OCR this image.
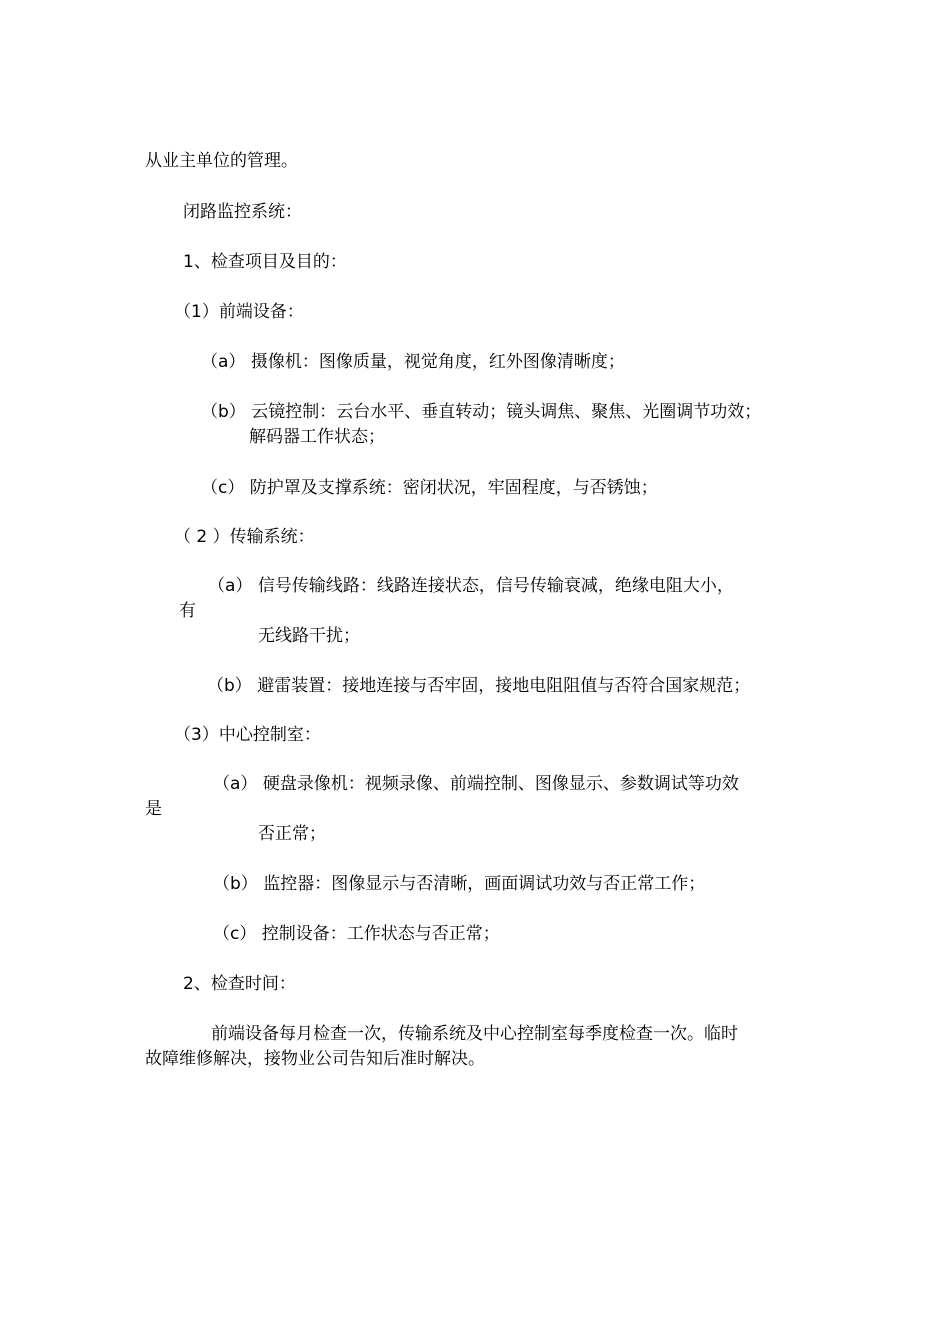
从业主单位的管理。
闭路监控系统：
1、检查项目及目的：
（1）前端设备：
（a） 摄像机：图像质量，视觉角度，红外图像清晰度；
（b） 云镜控制：云台水平、垂直转动；镜头调焦、聚焦、光圈调节功效；
解码器工作状态；
（c） 防护罩及支撑系统：密闭状况，牢固程度，与否锈蚀；
（ 2 ）传输系统：
（a） 信号传输线路：线路连接状态，信号传输衰减，绝缘电阻大小，
有
无线路干扰；
（b） 避雷装置：接地连接与否牢固，接地电阻阻值与否符合国家规范；
（3）中心控制室：
（a） 硬盘录像机：视频录像、前端控制、图像显示、参数调试等功效
是
否正常；
（b） 监控器：图像显示与否清晰，画面调试功效与否正常工作；
（c） 控制设备：工作状态与否正常；
2、检查时间：
前端设备每月检查一次，传输系统及中心控制室每季度检查一次。临时
故障维修解决，接物业公司告知后准时解决。
